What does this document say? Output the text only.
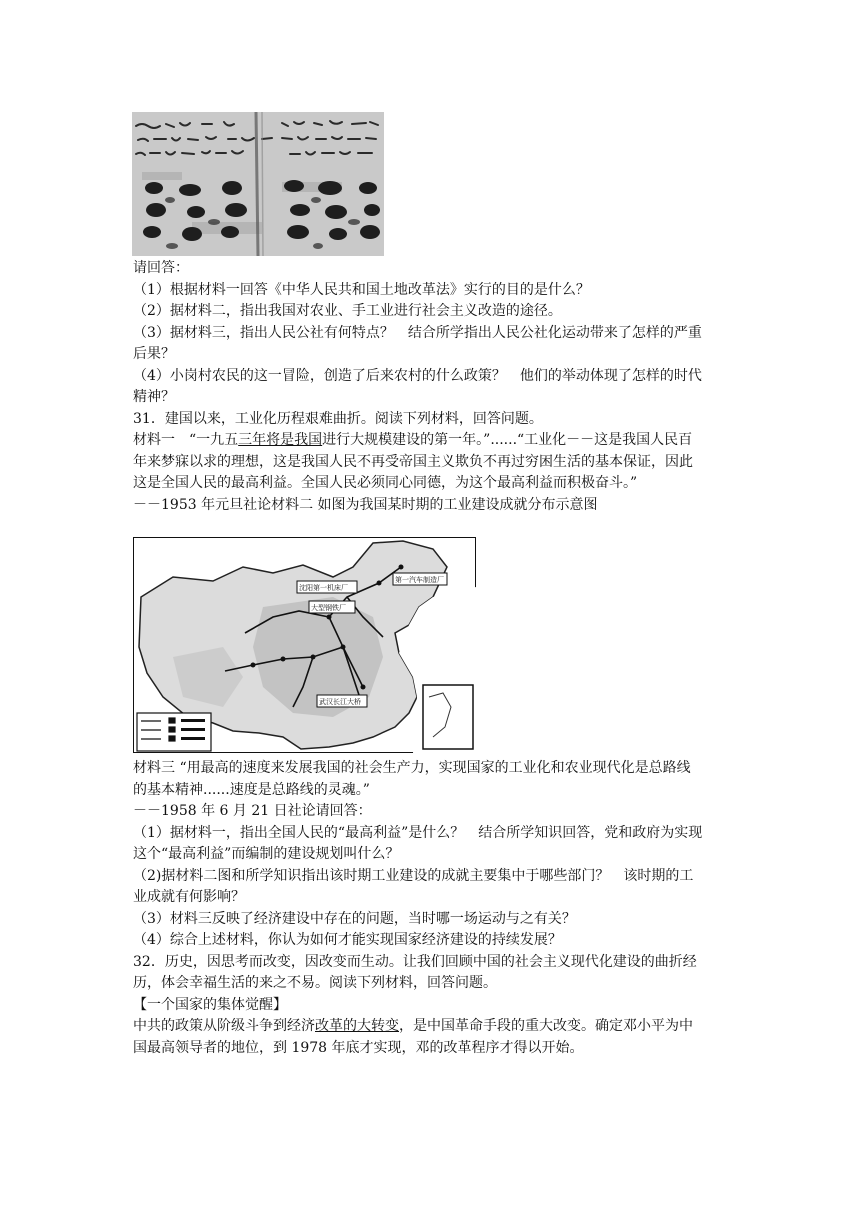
请回答：

（1）根据材料一回答《中华人民共和国土地改革法》实行的目的是什么？

（2）据材料二，指出我国对农业、手工业进行社会主义改造的途径。

（3）据材料三，指出人民公社有何特点？　结合所学指出人民公社化运动带来了怎样的严重

后果？

（4）小岗村农民的这一冒险，创造了后来农村的什么政策？　他们的举动体现了怎样的时代

精神？

31．建国以来，工业化历程艰难曲折。阅读下列材料，回答问题。

材料一　“一九五三年将是我国进行大规模建设的第一年。”......“工业化－－这是我国人民百

年来梦寐以求的理想，这是我国人民不再受帝国主义欺负不再过穷困生活的基本保证，因此

这是全国人民的最高利益。全国人民必须同心同德，为这个最高利益而积极奋斗。”

－－1953 年元旦社论材料二 如图为我国某时期的工业建设成就分布示意图

沈阳第一机床厂
第一汽车制造厂
大型钢铁厂
武汉长江大桥

材料三 “用最高的速度来发展我国的社会生产力，实现国家的工业化和农业现代化是总路线

的基本精神......速度是总路线的灵魂。”

－－1958 年 6 月 21 日社论请回答：

（1）据材料一，指出全国人民的“最高利益”是什么？　结合所学知识回答，党和政府为实现

这个“最高利益”而编制的建设规划叫什么？

（2)据材料二图和所学知识指出该时期工业建设的成就主要集中于哪些部门？　该时期的工

业成就有何影响？

（3）材料三反映了经济建设中存在的问题，当时哪一场运动与之有关？

（4）综合上述材料，你认为如何才能实现国家经济建设的持续发展？

32．历史，因思考而改变，因改变而生动。让我们回顾中国的社会主义现代化建设的曲折经

历，体会幸福生活的来之不易。阅读下列材料，回答问题。

【一个国家的集体觉醒】

中共的政策从阶级斗争到经济改革的大转变，是中国革命手段的重大改变。确定邓小平为中

国最高领导者的地位，到 1978 年底才实现，邓的改革程序才得以开始。
